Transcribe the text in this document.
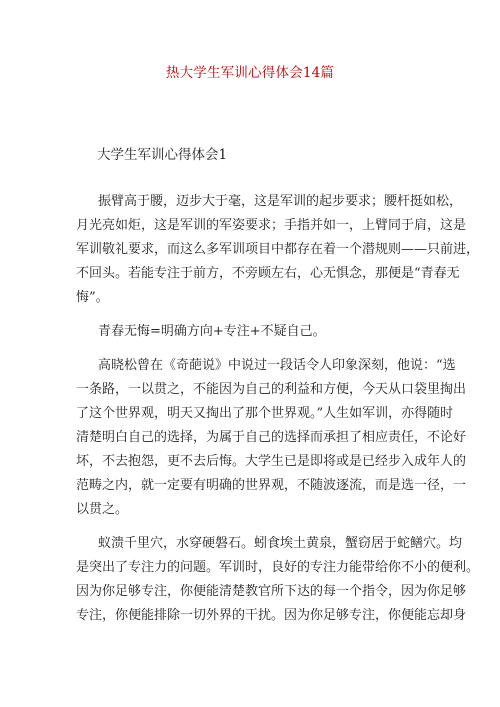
热大学生军训心得体会14篇
大学生军训心得体会1
振臂高于腰，迈步大于毫，这是军训的起步要求；腰杆挺如松，
月光亮如炬，这是军训的军姿要求；手指并如一，上臂同于肩，这是
军训敬礼要求，而这么多军训项目中都存在着一个潜规则——只前进，
不回头。若能专注于前方，不旁顾左右，心无惧念，那便是“青春无
悔”。
青春无悔=明确方向+专注+不疑自己。
高晓松曾在《奇葩说》中说过一段话令人印象深刻，他说：“选
一条路，一以贯之，不能因为自己的利益和方便，今天从口袋里掏出
了这个世界观，明天又掏出了那个世界观。”人生如军训，亦得随时
清楚明白自己的选择，为属于自己的选择而承担了相应责任，不论好
坏，不去抱怨，更不去后悔。大学生已是即将或是已经步入成年人的
范畴之内，就一定要有明确的世界观，不随波逐流，而是选一径，一
以贯之。
蚁溃千里穴，水穿硬磐石。蚓食埃土黄泉，蟹窃居于蛇鳝穴。均
是突出了专注力的问题。军训时，良好的专注力能带给你不小的便利。
因为你足够专注，你便能清楚教官所下达的每一个指令，因为你足够
专注，你便能排除一切外界的干扰。因为你足够专注，你便能忘却身
